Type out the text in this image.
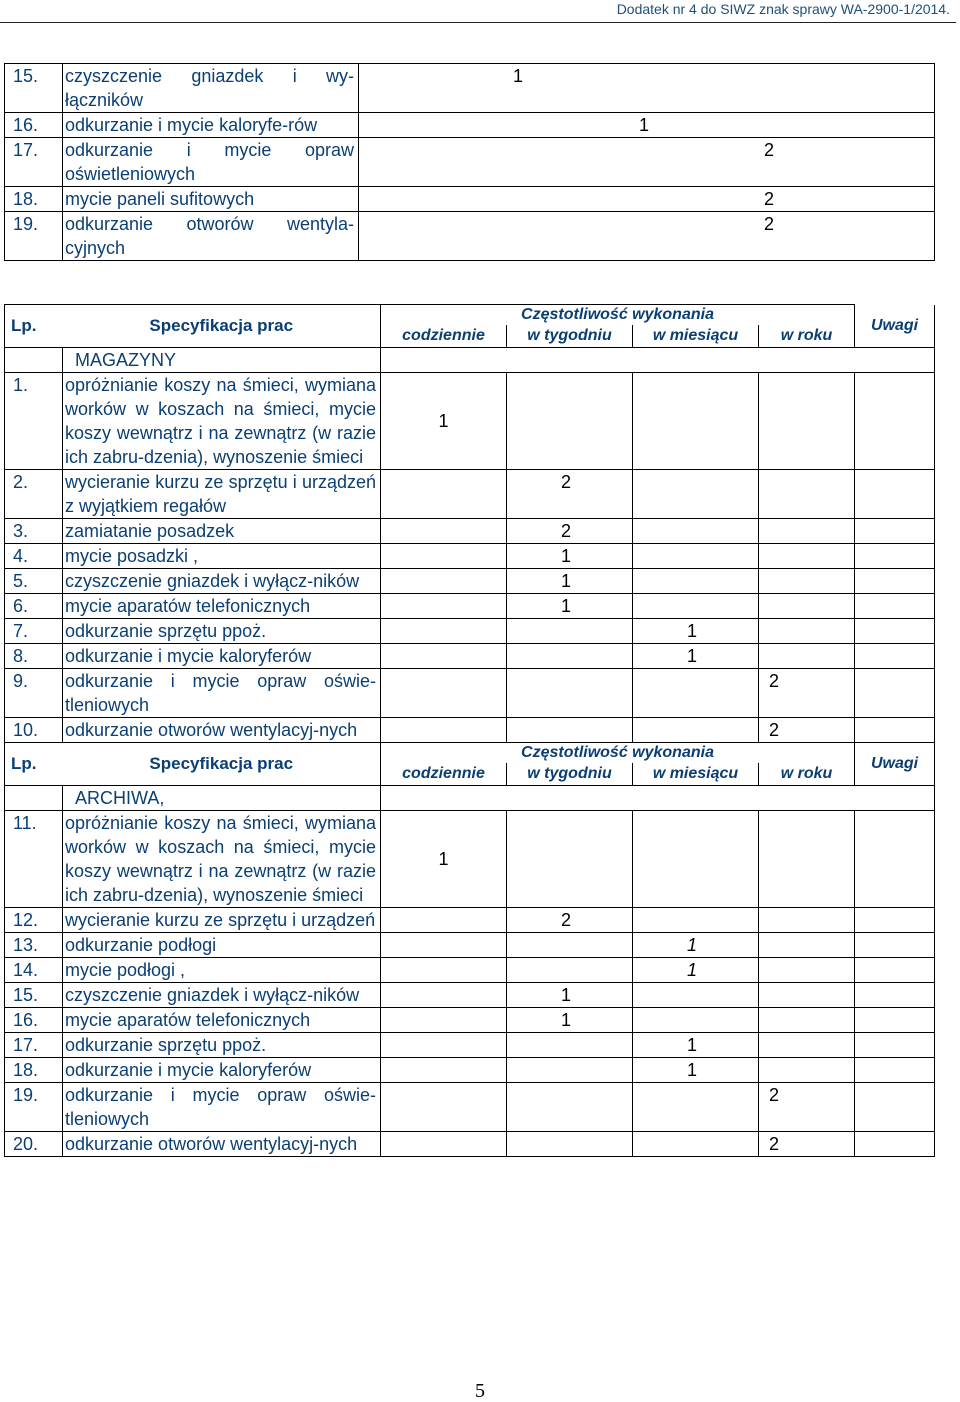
Dodatek nr 4 do SIWZ znak sprawy WA-2900-1/2014.
15.	czyszczenie gniazdek i wy-łączników	1
16.	odkurzanie i mycie kaloryfe-rów	1
17.	odkurzanie i mycie opraw oświetleniowych	2
18.	mycie paneli sufitowych	2
19.	odkurzanie otworów wentyla-cyjnych	2
Lp.	Specyfikacja prac	Częstotliwość wykonania				Uwagi
		codziennie	w tygodniu	w miesiącu	w roku	
	MAGAZYNY					
1.	opróżnianie koszy na śmieci, wymiana worków w koszach na śmieci, mycie koszy wewnątrz i na zewnątrz (w razie ich zabru-dzenia), wynoszenie śmieci	1				
2.	wycieranie kurzu ze sprzętu i urządzeń z wyjątkiem regałów		2			
3.	zamiatanie posadzek		2			
4.	mycie posadzki ,		1			
5.	czyszczenie gniazdek i wyłącz-ników		1			
6.	mycie aparatów telefonicznych		1			
7.	odkurzanie sprzętu ppoż.			1		
8.	odkurzanie i mycie kaloryferów			1		
9.	odkurzanie i mycie opraw oświe-tleniowych				2	
10.	odkurzanie otworów wentylacyj-nych				2	
Lp.	Specyfikacja prac	Częstotliwość wykonania				Uwagi
		codziennie	w tygodniu	w miesiącu	w roku	
	ARCHIWA,					
11.	opróżnianie koszy na śmieci, wymiana worków w koszach na śmieci, mycie koszy wewnątrz i na zewnątrz (w razie ich zabru-dzenia), wynoszenie śmieci	1				
12.	wycieranie kurzu ze sprzętu i urządzeń		2			
13.	odkurzanie podłogi			1		
14.	mycie podłogi ,			1		
15.	czyszczenie gniazdek i wyłącz-ników		1			
16.	mycie aparatów telefonicznych		1			
17.	odkurzanie sprzętu ppoż.			1		
18.	odkurzanie i mycie kaloryferów			1		
19.	odkurzanie i mycie opraw oświe-tleniowych				2	
20.	odkurzanie otworów wentylacyj-nych				2	
5
